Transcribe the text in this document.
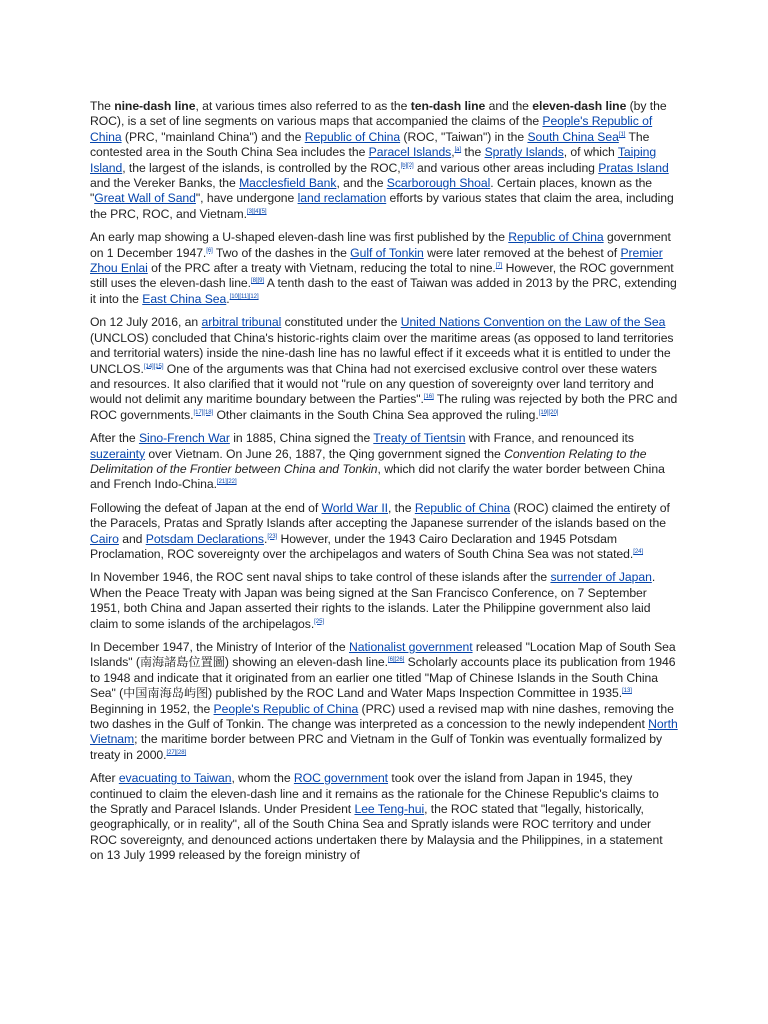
The nine-dash line, at various times also referred to as the ten-dash line and the eleven-dash line (by the ROC), is a set of line segments on various maps that accompanied the claims of the People's Republic of China (PRC, "mainland China") and the Republic of China (ROC, "Taiwan") in the South China Sea[1] The contested area in the South China Sea includes the Paracel Islands,[a] the Spratly Islands, of which Taiping Island, the largest of the islands, is controlled by the ROC,[b][2] and various other areas including Pratas Island and the Vereker Banks, the Macclesfield Bank, and the Scarborough Shoal. Certain places, known as the "Great Wall of Sand", have undergone land reclamation efforts by various states that claim the area, including the PRC, ROC, and Vietnam.[3][4][5]

An early map showing a U-shaped eleven-dash line was first published by the Republic of China government on 1 December 1947.[6] Two of the dashes in the Gulf of Tonkin were later removed at the behest of Premier Zhou Enlai of the PRC after a treaty with Vietnam, reducing the total to nine.[7] However, the ROC government still uses the eleven-dash line.[8][9] A tenth dash to the east of Taiwan was added in 2013 by the PRC, extending it into the East China Sea.[10][11][12]

On 12 July 2016, an arbitral tribunal constituted under the United Nations Convention on the Law of the Sea (UNCLOS) concluded that China's historic-rights claim over the maritime areas (as opposed to land territories and territorial waters) inside the nine-dash line has no lawful effect if it exceeds what it is entitled to under the UNCLOS.[14][15] One of the arguments was that China had not exercised exclusive control over these waters and resources. It also clarified that it would not "rule on any question of sovereignty over land territory and would not delimit any maritime boundary between the Parties".[16] The ruling was rejected by both the PRC and ROC governments.[17][18] Other claimants in the South China Sea approved the ruling.[19][20]

After the Sino-French War in 1885, China signed the Treaty of Tientsin with France, and renounced its suzerainty over Vietnam. On June 26, 1887, the Qing government signed the Convention Relating to the Delimitation of the Frontier between China and Tonkin, which did not clarify the water border between China and French Indo-China.[21][22]

Following the defeat of Japan at the end of World War II, the Republic of China (ROC) claimed the entirety of the Paracels, Pratas and Spratly Islands after accepting the Japanese surrender of the islands based on the Cairo and Potsdam Declarations.[23] However, under the 1943 Cairo Declaration and 1945 Potsdam Proclamation, ROC sovereignty over the archipelagos and waters of South China Sea was not stated.[24]

In November 1946, the ROC sent naval ships to take control of these islands after the surrender of Japan. When the Peace Treaty with Japan was being signed at the San Francisco Conference, on 7 September 1951, both China and Japan asserted their rights to the islands. Later the Philippine government also laid claim to some islands of the archipelagos.[25]

In December 1947, the Ministry of Interior of the Nationalist government released "Location Map of South Sea Islands" (南海諸島位置圖) showing an eleven-dash line.[6][26] Scholarly accounts place its publication from 1946 to 1948 and indicate that it originated from an earlier one titled "Map of Chinese Islands in the South China Sea" (中国南海岛屿图) published by the ROC Land and Water Maps Inspection Committee in 1935.[13] Beginning in 1952, the People's Republic of China (PRC) used a revised map with nine dashes, removing the two dashes in the Gulf of Tonkin. The change was interpreted as a concession to the newly independent North Vietnam; the maritime border between PRC and Vietnam in the Gulf of Tonkin was eventually formalized by treaty in 2000.[27][28]

After evacuating to Taiwan, whom the ROC government took over the island from Japan in 1945, they continued to claim the eleven-dash line and it remains as the rationale for the Chinese Republic's claims to the Spratly and Paracel Islands. Under President Lee Teng-hui, the ROC stated that "legally, historically, geographically, or in reality", all of the South China Sea and Spratly islands were ROC territory and under ROC sovereignty, and denounced actions undertaken there by Malaysia and the Philippines, in a statement on 13 July 1999 released by the foreign ministry of
